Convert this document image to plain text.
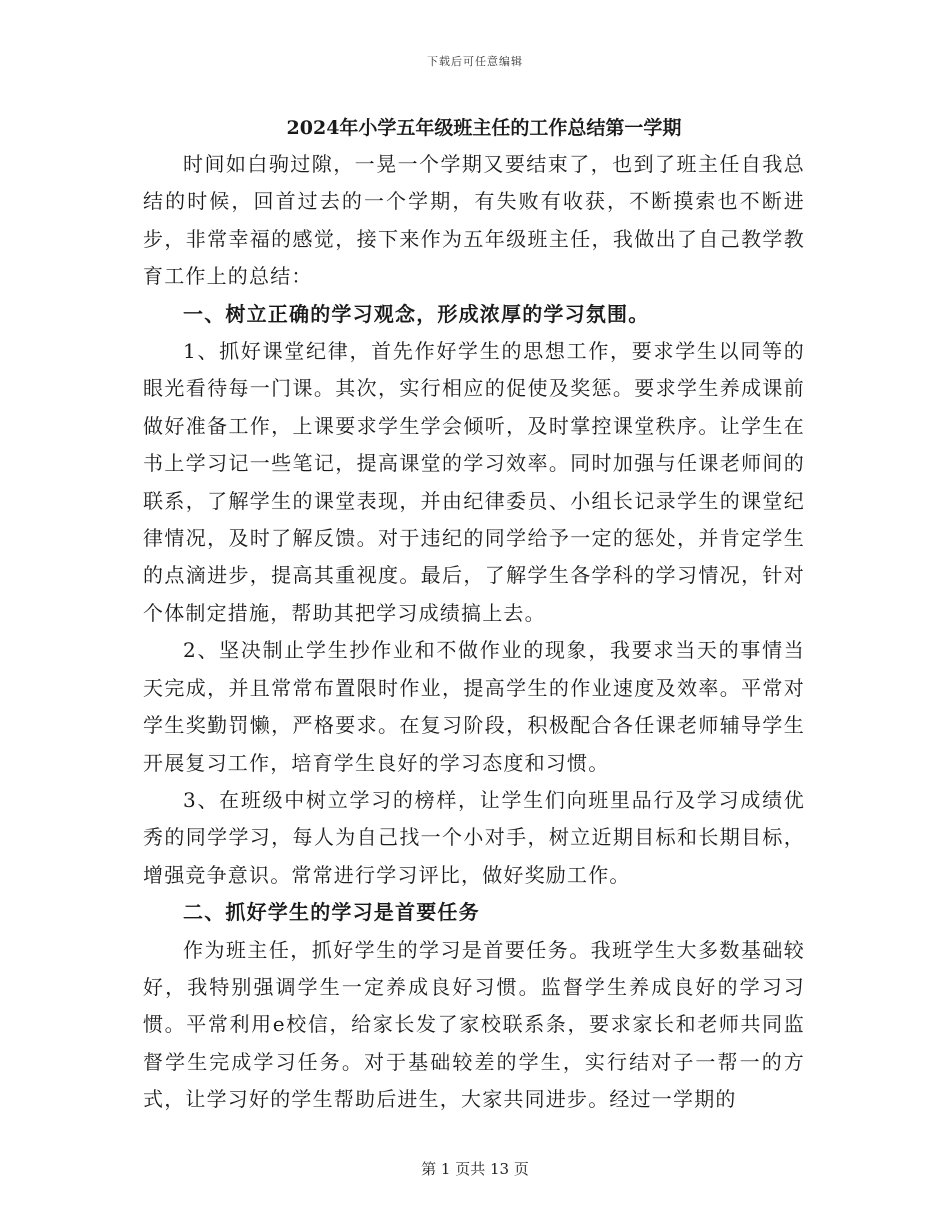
下载后可任意编辑
2024年小学五年级班主任的工作总结第一学期

时间如白驹过隙，一晃一个学期又要结束了，也到了班主任自我总结的时候，回首过去的一个学期，有失败有收获，不断摸索也不断进步，非常幸福的感觉，接下来作为五年级班主任，我做出了自己教学教育工作上的总结：

一、树立正确的学习观念，形成浓厚的学习氛围。

1、抓好课堂纪律，首先作好学生的思想工作，要求学生以同等的眼光看待每一门课。其次，实行相应的促使及奖惩。要求学生养成课前做好准备工作，上课要求学生学会倾听，及时掌控课堂秩序。让学生在书上学习记一些笔记，提高课堂的学习效率。同时加强与任课老师间的联系，了解学生的课堂表现，并由纪律委员、小组长记录学生的课堂纪律情况，及时了解反馈。对于违纪的同学给予一定的惩处，并肯定学生的点滴进步，提高其重视度。最后，了解学生各学科的学习情况，针对个体制定措施，帮助其把学习成绩搞上去。

2、坚决制止学生抄作业和不做作业的现象，我要求当天的事情当天完成，并且常常布置限时作业，提高学生的作业速度及效率。平常对学生奖勤罚懒，严格要求。在复习阶段，积极配合各任课老师辅导学生开展复习工作，培育学生良好的学习态度和习惯。

3、在班级中树立学习的榜样，让学生们向班里品行及学习成绩优秀的同学学习，每人为自己找一个小对手，树立近期目标和长期目标，增强竞争意识。常常进行学习评比，做好奖励工作。

二、抓好学生的学习是首要任务

作为班主任，抓好学生的学习是首要任务。我班学生大多数基础较好，我特别强调学生一定养成良好习惯。监督学生养成良好的学习习惯。平常利用e校信，给家长发了家校联系条，要求家长和老师共同监督学生完成学习任务。对于基础较差的学生，实行结对子一帮一的方式，让学习好的学生帮助后进生，大家共同进步。经过一学期的

第 1 页共 13 页
